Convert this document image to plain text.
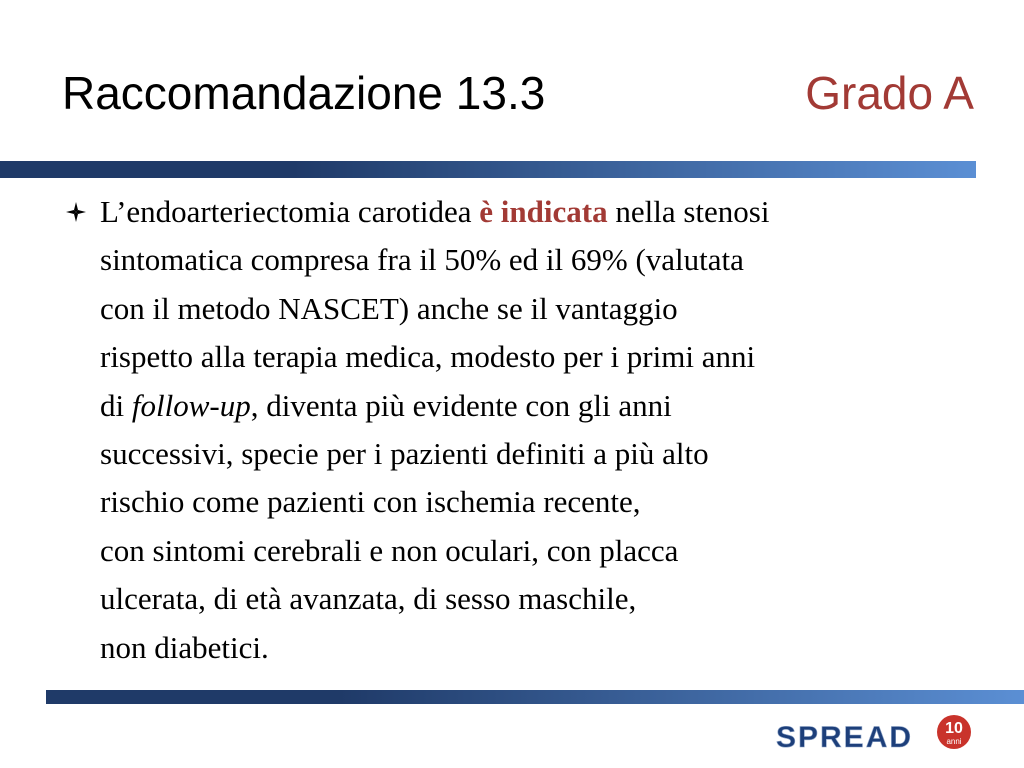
Raccomandazione 13.3	Grado A
L’endoarteriectomia carotidea è indicata nella stenosi
sintomatica compresa fra il 50% ed il 69% (valutata
con il metodo NASCET) anche se il vantaggio
rispetto alla terapia medica, modesto per i primi anni
di follow-up, diventa più evidente con gli anni
successivi, specie per i pazienti definiti a più alto
rischio come pazienti con ischemia recente,
con sintomi cerebrali e non oculari, con placca
ulcerata, di età avanzata, di sesso maschile,
non diabetici.
SPREAD 10
anni
